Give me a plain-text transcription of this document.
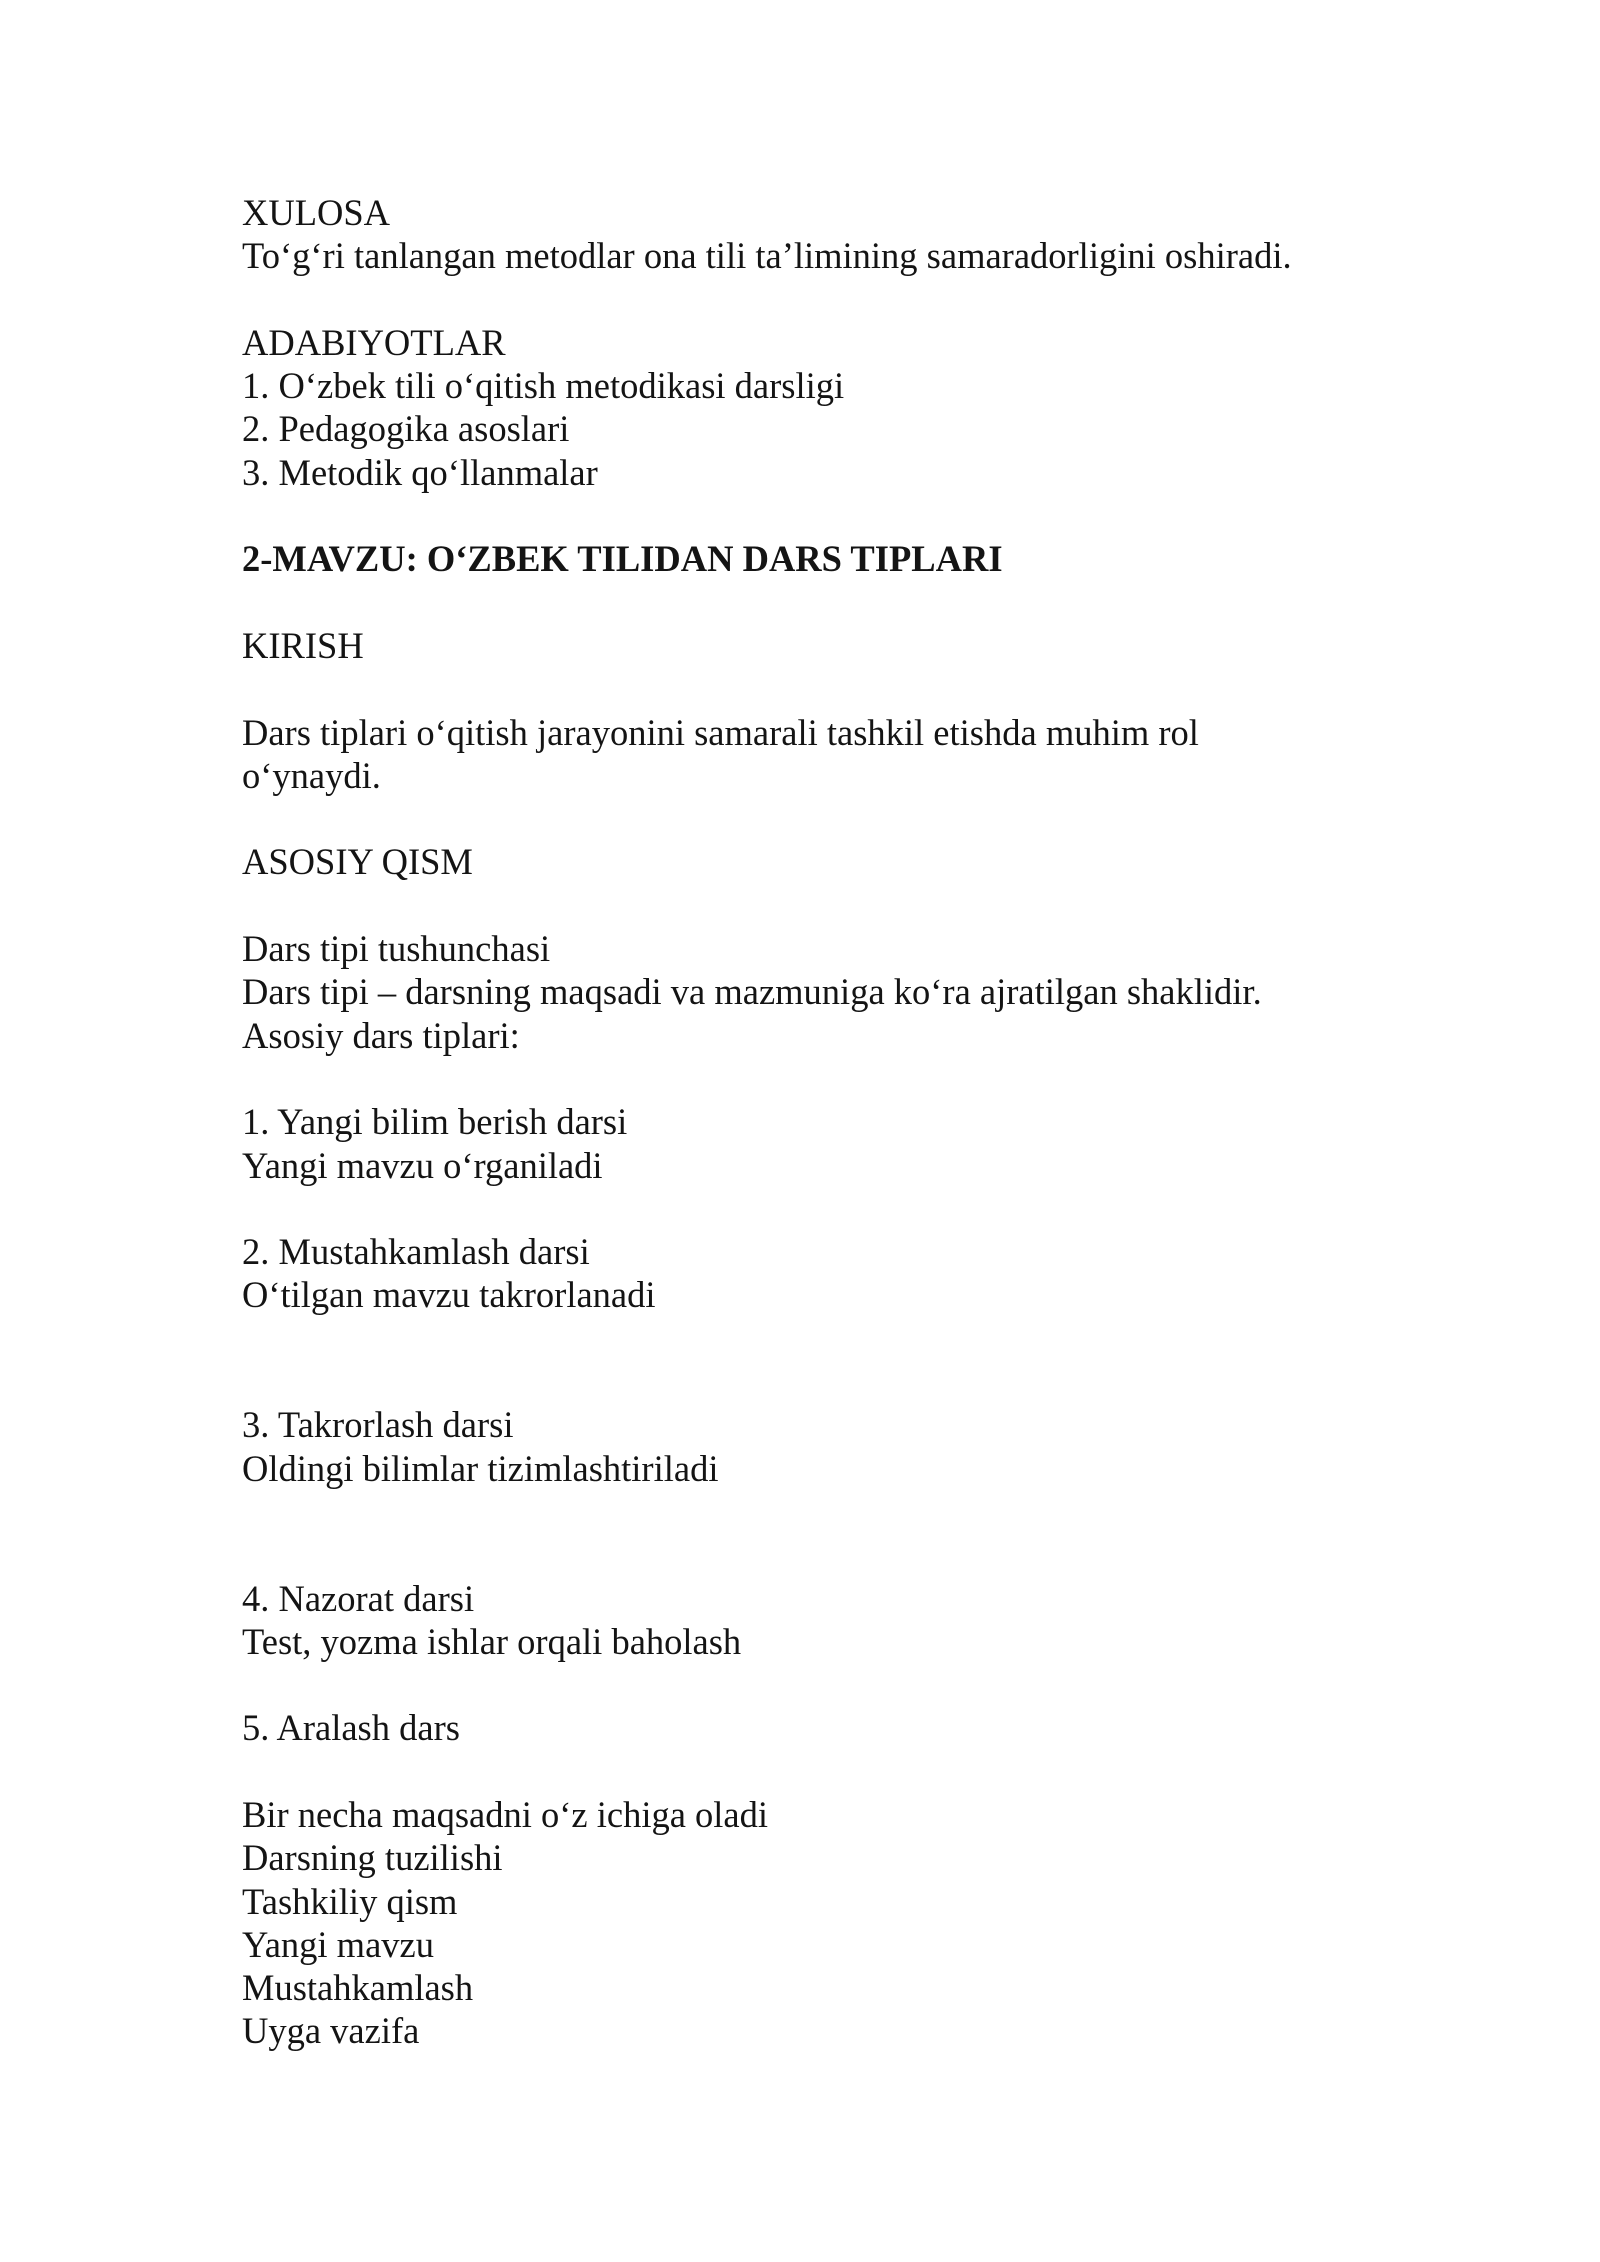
XULOSA
To‘g‘ri tanlangan metodlar ona tili ta’limining samaradorligini oshiradi.
ADABIYOTLAR
1. O‘zbek tili o‘qitish metodikasi darsligi
2. Pedagogika asoslari
3. Metodik qo‘llanmalar
2-MAVZU: O‘ZBEK TILIDAN DARS TIPLARI
KIRISH
Dars tiplari o‘qitish jarayonini samarali tashkil etishda muhim rol o‘ynaydi.
ASOSIY QISM
Dars tipi tushunchasi
Dars tipi – darsning maqsadi va mazmuniga ko‘ra ajratilgan shaklidir.
Asosiy dars tiplari:
1. Yangi bilim berish darsi
Yangi mavzu o‘rganiladi
2. Mustahkamlash darsi
O‘tilgan mavzu takrorlanadi
3. Takrorlash darsi
Oldingi bilimlar tizimlashtiriladi
4. Nazorat darsi
Test, yozma ishlar orqali baholash
5. Aralash dars
Bir necha maqsadni o‘z ichiga oladi
Darsning tuzilishi
Tashkiliy qism
Yangi mavzu
Mustahkamlash
Uyga vazifa
